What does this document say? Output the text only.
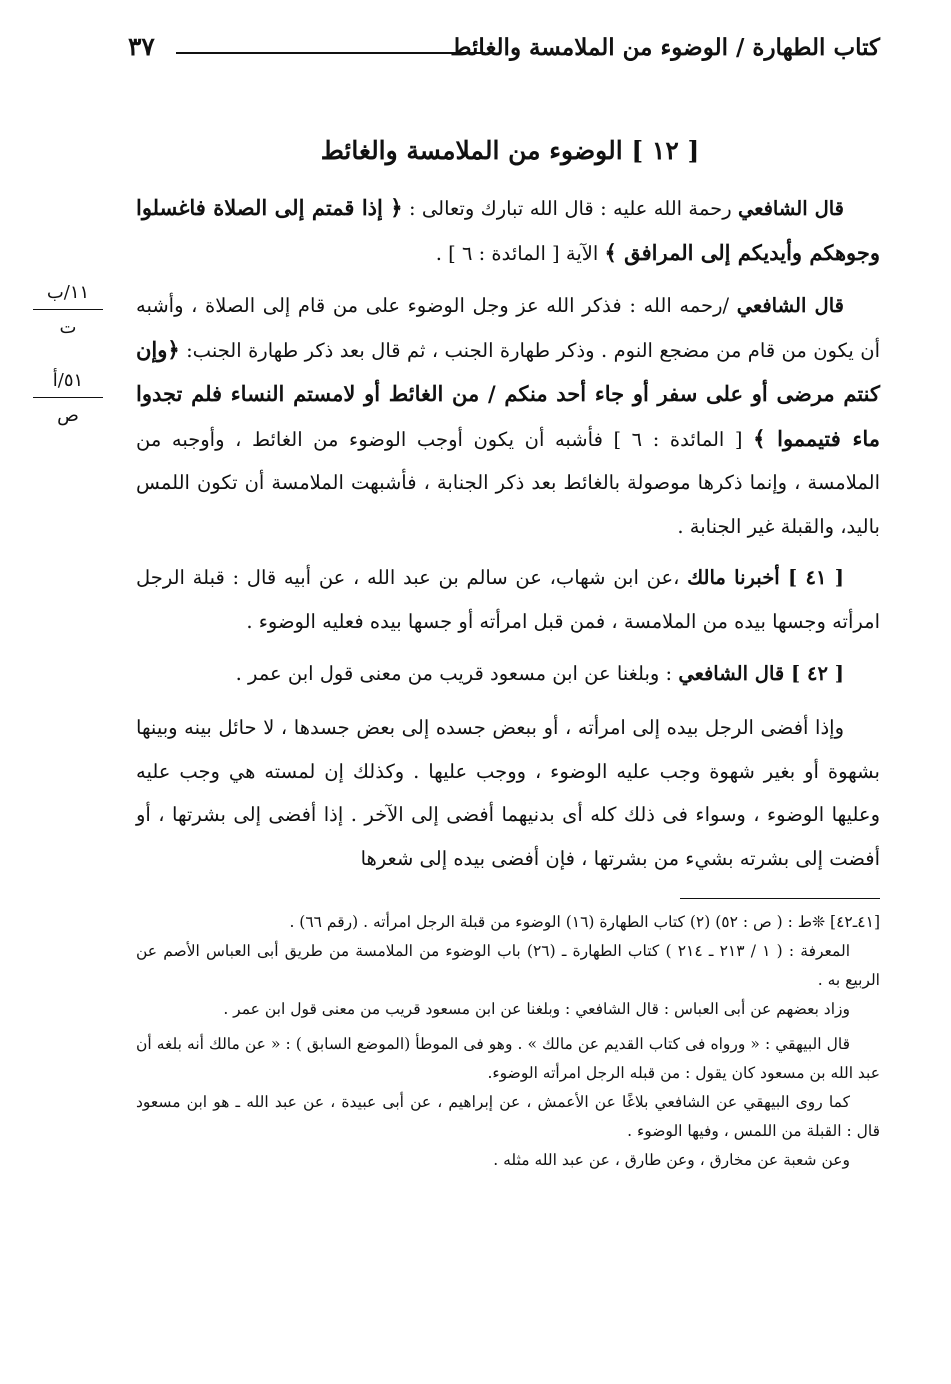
كتاب الطهارة / الوضوء من الملامسة والغائط
٣٧
[ ١٢ ] الوضوء من الملامسة والغائط

قال الشافعي رحمة الله عليه : قال الله تبارك وتعالى : ﴿ إذا قمتم إلى الصلاة فاغسلوا وجوهكم وأيديكم إلى المرافق ﴾ الآية [ المائدة : ٦ ] .

قال الشافعي /رحمه الله : فذكر الله عز وجل الوضوء على من قام إلى الصلاة ، وأشبه أن يكون من قام من مضجع النوم . وذكر طهارة الجنب ، ثم قال بعد ذكر طهارة الجنب: ﴿وإن كنتم مرضى أو على سفر أو جاء أحد منكم / من الغائط أو لامستم النساء فلم تجدوا ماء فتيمموا ﴾ [ المائدة : ٦ ] فأشبه أن يكون أوجب الوضوء من الغائط ، وأوجبه من الملامسة ، وإنما ذكرها موصولة بالغائط بعد ذكر الجنابة ، فأشبهت الملامسة أن تكون اللمس باليد، والقبلة غير الجنابة .

[ ٤١ ] أخبرنا مالك ،عن ابن شهاب، عن سالم بن عبد الله ، عن أبيه قال : قبلة الرجل امرأته وجسها بيده من الملامسة ، فمن قبل امرأته أو جسها بيده فعليه الوضوء .

[ ٤٢ ] قال الشافعي : وبلغنا عن ابن مسعود قريب من معنى قول ابن عمر .

وإذا أفضى الرجل بيده إلى امرأته ، أو ببعض جسده إلى بعض جسدها ، لا حائل بينه وبينها بشهوة أو بغير شهوة وجب عليه الوضوء ، ووجب عليها . وكذلك إن لمسته هي وجب عليه وعليها الوضوء ، وسواء فى ذلك كله أى بدنيهما أفضى إلى الآخر . إذا أفضى إلى بشرتها ، أو أفضت إلى بشرته بشيء من بشرتها ، فإن أفضى بيده إلى شعرها

١١/ب
ت
٥١/أ
ص

[٤١ـ٤٢] ❊ط : ( ص : ٥٢) (٢) كتاب الطهارة (١٦) الوضوء من قبلة الرجل امرأته . (رقم ٦٦) .

المعرفة : ( ١ / ٢١٣ ـ ٢١٤ ) كتاب الطهارة ـ (٢٦) باب الوضوء من الملامسة من طريق أبى العباس الأصم عن الربيع به .

وزاد بعضهم عن أبى العباس : قال الشافعي : وبلغنا عن ابن مسعود قريب من معنى قول ابن عمر .

قال البيهقي : « ورواه فى كتاب القديم عن مالك » . وهو فى الموطأ (الموضع السابق ) : « عن مالك أنه بلغه أن عبد الله بن مسعود كان يقول : من قبله الرجل امرأته الوضوء.

كما روى البيهقي عن الشافعي بلاغًا عن الأعمش ، عن إبراهيم ، عن أبى عبيدة ، عن عبد الله ـ هو ابن مسعود قال : القبلة من اللمس ، وفيها الوضوء .

وعن شعبة عن مخارق ، وعن طارق ، عن عبد الله مثله .
